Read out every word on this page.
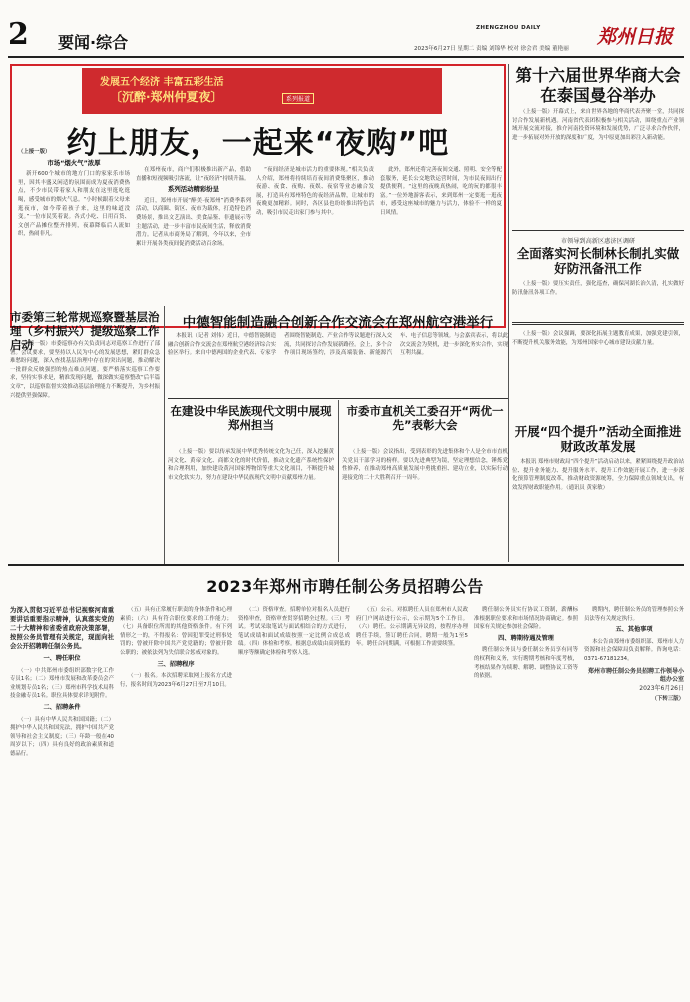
2 要闻·综合
ZHENGZHOU DAILY	郑州日报
2023年6月27日 星期二 责编 刘锦华 校对 徐会君 美编 董艳丽
发展五个经济 丰富五彩生活
〔沉醉·郑州仲夏夜〕	系列报道
约上朋友，一起来“夜购”吧
（上接一版）
市场“烟火气”浓厚

新开600个城市的地方门口的家家乐市场里，因其丰盛又闲适的氛围而成为夏夜消费热点，不少市民带着家人和朋友在这里逛吃逛喝，感受城市的烟火气息。“小时候跟着父母来逛夜市，如今带着孩子来，这里的味道没变。”一位市民笑着说。各式小吃、日用百货、文创产品摊位整齐排列，夜幕降临后人流如织，热闹非凡。

在郑州夜市，商户们积极推出新产品，借助直播和短视频吸引客流，让“夜经济”持续升温。

系列活动精彩纷呈

近日，郑州市开展“醉美·夜郑州”消费季系列活动，以商圈、街区、夜市为载体，打造特色消费场景，推出文艺演出、美食品鉴、非遗展示等主题活动，进一步丰富市民夜间生活，释放消费潜力。记者从市商务局了解到，今年以来，全市累计开展各类夜间促消费活动百余场。

“夜间经济是城市活力的重要体现。”相关负责人介绍，郑州将持续培育夜间消费集聚区，推动夜游、夜食、夜购、夜娱、夜宿等业态融合发展，打造具有郑州特色的夜经济品牌，让城市的夜晚更加精彩。同时，各区县也纷纷推出特色活动，吸引市民走出家门参与其中。

此外，郑州还将完善夜间交通、照明、安全等配套服务，延长公交地铁运营时间，为市民夜间出行提供便利。“这里的夜晚真热闹，吃的玩的都很丰富。”一位外地游客表示，来到郑州一定要逛一逛夜市，感受这座城市的魅力与活力，体验不一样的夏日风情。

第十六届世界华商大会在泰国曼谷举办

（上接一版）开幕式上，来自世界各地的华商代表齐聚一堂，共同探讨合作发展新机遇。河南省代表团积极参与相关活动，围绕重点产业领域开展交流对接，推介河南投资环境和发展优势，广泛寻求合作伙伴，进一步拓展对外开放的深度和广度，为中原更加出彩注入新动能。

市领导到高新区惠济区调研
全面落实河长制林长制扎实做好防汛备汛工作

（上接一版）要压实责任，强化巡查，确保河湖长治久清，扎实做好防汛备汛各项工作。

市委第三轮常规巡察暨基层治理（乡村振兴）提级巡察工作启动

（上接一版）市委巡察办有关负责同志对巡察工作进行了部署。会议要求，要坚持以人民为中心的发展思想，紧盯群众急难愁盼问题，深入查找基层治理中存在的突出问题，推动解决一批群众反映强烈的热点难点问题。要严格落实巡察工作要求，坚持实事求是，精准发现问题，做深做实巡察整改“后半篇文章”，以巡察监督实效推动基层治理能力不断提升，为乡村振兴提供坚强保障。

中德智能制造融合创新合作交流会在郑州航空港举行

本报讯（记者 刘伟）近日，中德智能制造融合创新合作交流会在郑州航空港经济综合实验区举行。来自中德两国的企业代表、专家学者围绕智能制造、产业合作等议题进行深入交流，共同探讨合作发展新路径。会上，多个合作项目现场签约，涉及高端装备、新能源汽车、电子信息等领域。与会嘉宾表示，将以此次交流会为契机，进一步深化务实合作，实现互利共赢。

在建设中华民族现代文明中展现郑州担当

（上接一版）要以传承发展中华优秀传统文化为己任，深入挖掘黄河文化、黄帝文化、商都文化的时代价值，推动文化遗产系统性保护和合理利用，加快建设黄河国家博物馆等重大文化项目，不断提升城市文化软实力，努力在建设中华民族现代文明中贡献郑州力量。

市委市直机关工委召开“两优一先”表彰大会

（上接一版）会议指出，受到表彰的先进集体和个人是全市市直机关党员干部学习的榜样。要以先进典型为镜，坚定理想信念，锤炼党性修养，在推动郑州高质量发展中勇挑重担、建功立业，以实际行动迎接党的二十大胜利召开一周年。

（上接一版）会议强调，要深化拓展主题教育成果，加强党建引领，不断提升机关服务效能，为郑州国家中心城市建设贡献力量。

开展“四个提升”活动全面推进财政改革发展

本报讯 郑州市财政局“四个提升”活动启动以来，紧紧围绕提升政治站位、提升业务能力、提升服务水平、提升工作效能开展工作，进一步深化预算管理制度改革，推动财政资源统筹，全力保障重点领域支出，有效发挥财政职能作用。（通讯员 黄家敏）

2023年郑州市聘任制公务员招聘公告
为深入贯彻习近平总书记视察河南重要讲话重要指示精神，认真落实党的二十大精神和省委省政府决策部署，按照公务员管理有关规定，现面向社会公开招聘聘任制公务员。
一、聘任职位

（一）中共郑州市委组织部数字化工作专员1名；（二）郑州市发展和改革委员会产业规划专员1名；（三）郑州市科学技术局科技金融专员1名。职位具体要求详见附件。

二、招聘条件

（一）具有中华人民共和国国籍；（二）拥护中华人民共和国宪法，拥护中国共产党领导和社会主义制度；（三）年龄一般在40周岁以下；（四）具有良好的政治素质和道德品行。

（五）具有正常履行职责的身体条件和心理素质；（六）具有符合职位要求的工作能力；（七）具备职位所需的其他资格条件。有下列情形之一的，不得报名：曾因犯罪受过刑事处罚的；曾被开除中国共产党党籍的；曾被开除公职的；被依法列为失信联合惩戒对象的。

三、招聘程序

（一）报名。本次招聘采取网上报名方式进行，报名时间为2023年6月27日至7月10日。

（二）资格审查。招聘单位对报名人员进行资格审查，资格审查贯穿招聘全过程。（三）考试。考试采取笔试与面试相结合的方式进行，笔试成绩和面试成绩按照一定比例合成总成绩。（四）体检和考察。根据总成绩由高到低的顺序等额确定体检和考察人选。

（五）公示。对拟聘任人员在郑州市人民政府门户网站进行公示，公示期为5个工作日。（六）聘任。公示期满无异议的，按程序办理聘任手续，签订聘任合同，聘期一般为1至5年。聘任合同期满，可根据工作需要续签。

聘任制公务员实行协议工资制，薪酬标准根据职位要求和市场情况协商确定。参照国家有关规定参加社会保险。

四、聘期待遇及管理

聘任制公务员与委任制公务员享有同等的权利和义务，实行聘期考核和年度考核，考核结果作为续聘、解聘、调整协议工资等的依据。

聘期内，聘任制公务员的管理参照公务员法等有关规定执行。

五、其他事项

本公告由郑州市委组织部、郑州市人力资源和社会保障局负责解释。咨询电话：0371-67181234。

郑州市聘任制公务员招聘工作领导小组办公室
2023年6月26日
（下转三版）
